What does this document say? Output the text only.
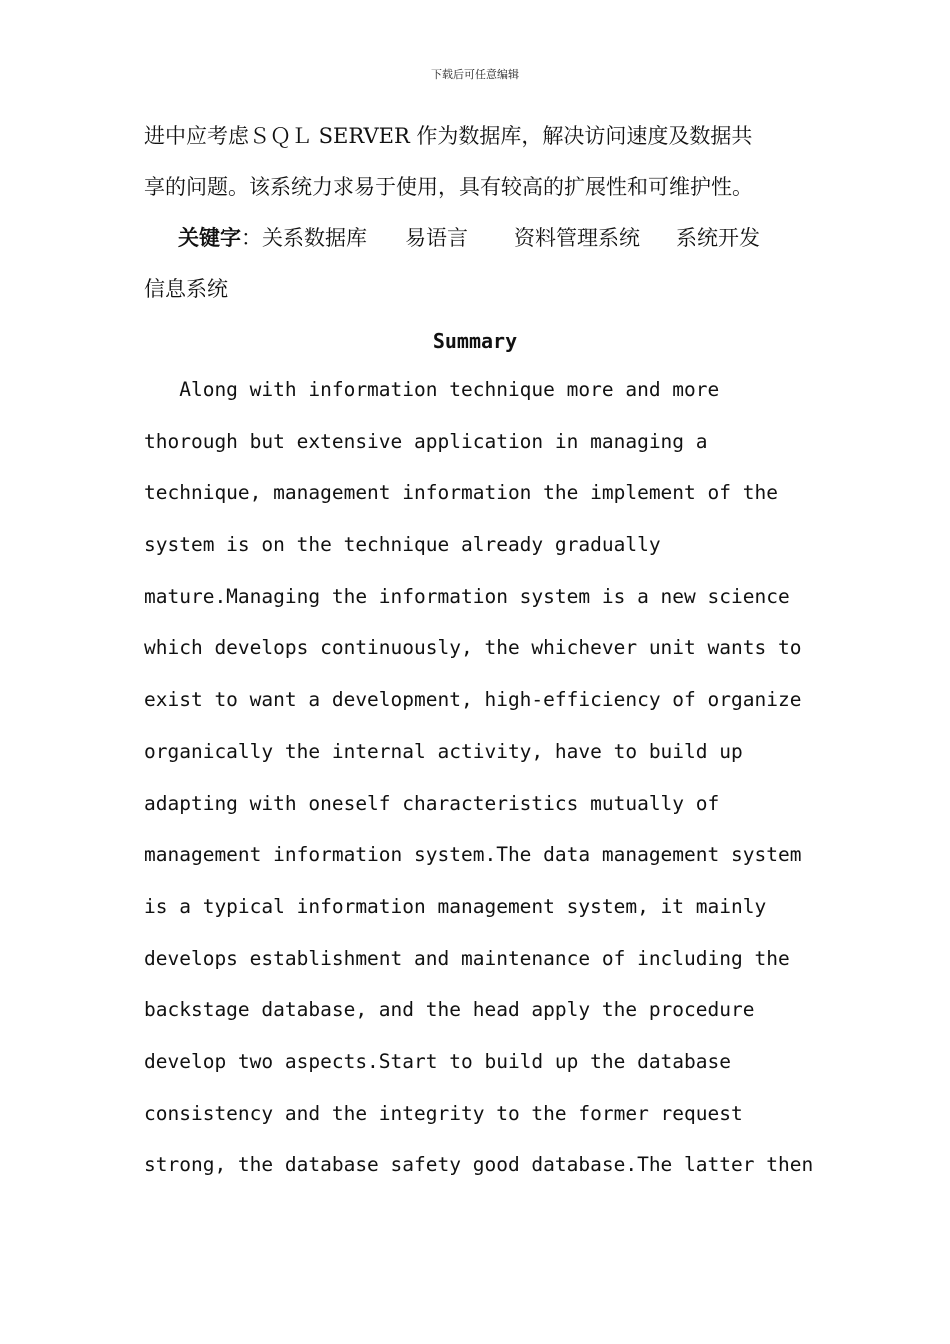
下载后可任意编辑
进中应考虑ＳＱＬ SERVER 作为数据库，解决访问速度及数据共
享的问题。该系统力求易于使用，具有较高的扩展性和可维护性。
关键字：关系数据库 易语言 资料管理系统 系统开发
信息系统
Summary
Along with information technique more and more
thorough but extensive application in managing a
technique, management information the implement of the
system is on the technique already gradually
mature.Managing the information system is a new science
which develops continuously, the whichever unit wants to
exist to want a development, high-efficiency of organize
organically the internal activity, have to build up
adapting with oneself characteristics mutually of
management information system.The data management system
is a typical information management system, it mainly
develops establishment and maintenance of including the
backstage database, and the head apply the procedure
develop two aspects.Start to build up the database
consistency and the integrity to the former request
strong, the database safety good database.The latter then
